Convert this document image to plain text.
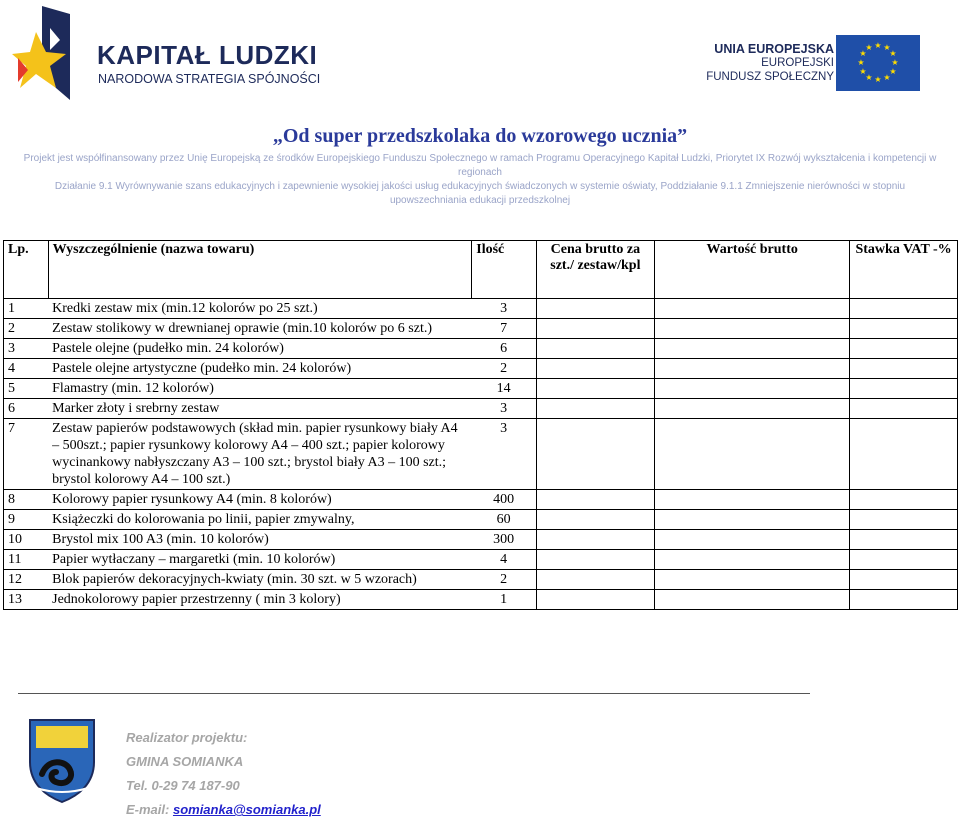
KAPITAŁ LUDZKI
NARODOWA STRATEGIA SPÓJNOŚCI
UNIA EUROPEJSKA
EUROPEJSKI
FUNDUSZ SPOŁECZNY
★ ★
★
★
★
★
★
★
★
★
★
★
„Od super przedszkolaka do wzorowego ucznia”
Projekt jest współfinansowany przez Unię Europejską ze środków Europejskiego Funduszu Społecznego w ramach Programu Operacyjnego Kapitał Ludzki, Priorytet IX Rozwój wykształcenia i kompetencji w regionach
Działanie 9.1 Wyrównywanie szans edukacyjnych i zapewnienie wysokiej jakości usług edukacyjnych świadczonych w systemie oświaty, Poddziałanie 9.1.1 Zmniejszenie nierówności w stopniu upowszechniania edukacji przedszkolnej
Lp.	Wyszczególnienie (nazwa towaru)	Ilość	Cena brutto za szt./ zestaw/kpl	Wartość brutto	Stawka VAT -%
1	Kredki zestaw mix (min.12 kolorów po 25 szt.)	3			
2	Zestaw stolikowy w drewnianej oprawie (min.10 kolorów po 6 szt.)	7			
3	Pastele olejne (pudełko min. 24 kolorów)	6			
4	Pastele olejne artystyczne (pudełko min. 24 kolorów)	2			
5	Flamastry (min. 12 kolorów)	14			
6	Marker złoty i srebrny zestaw	3			
7	Zestaw papierów podstawowych (skład min. papier rysunkowy biały A4 – 500szt.; papier rysunkowy kolorowy A4 – 400 szt.; papier kolorowy wycinankowy nabłyszczany A3 – 100 szt.; brystol biały A3 – 100 szt.; brystol kolorowy A4 – 100 szt.)	3			
8	Kolorowy papier rysunkowy A4 (min. 8 kolorów)	400			
9	Książeczki do kolorowania po linii, papier zmywalny,	60			
10	Brystol mix 100 A3 (min. 10 kolorów)	300			
11	Papier wytłaczany – margaretki (min. 10 kolorów)	4			
12	Blok papierów dekoracyjnych-kwiaty (min. 30 szt. w 5 wzorach)	2			
13	Jednokolorowy papier przestrzenny ( min 3 kolory)	1			
Realizator projektu:
GMINA SOMIANKA
Tel. 0-29 74 187-90
E-mail: somianka@somianka.pl
